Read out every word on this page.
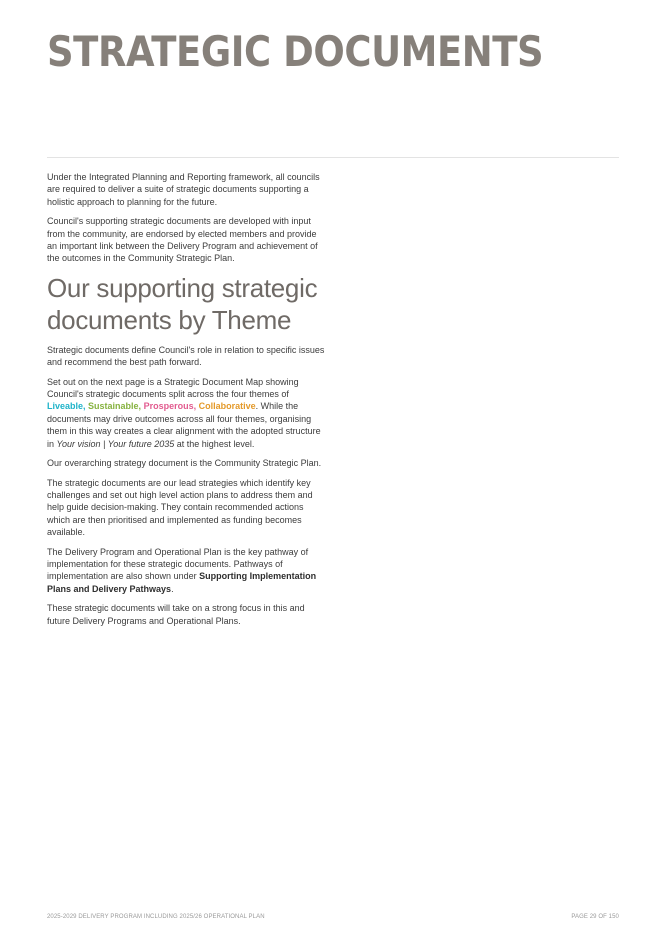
STRATEGIC DOCUMENTS

Under the Integrated Planning and Reporting framework, all councils are required to deliver a suite of strategic documents supporting a holistic approach to planning for the future.

Council's supporting strategic documents are developed with input from the community, are endorsed by elected members and provide an important link between the Delivery Program and achievement of the outcomes in the Community Strategic Plan.

Our supporting strategic documents by Theme

Strategic documents define Council's role in relation to specific issues and recommend the best path forward.

Set out on the next page is a Strategic Document Map showing Council's strategic documents split across the four themes of Liveable, Sustainable, Prosperous, Collaborative. While the documents may drive outcomes across all four themes, organising them in this way creates a clear alignment with the adopted structure in Your vision | Your future 2035 at the highest level.

Our overarching strategy document is the Community Strategic Plan.

The strategic documents are our lead strategies which identify key challenges and set out high level action plans to address them and help guide decision-making. They contain recommended actions which are then prioritised and implemented as funding becomes available.

The Delivery Program and Operational Plan is the key pathway of implementation for these strategic documents. Pathways of implementation are also shown under Supporting Implementation Plans and Delivery Pathways.

These strategic documents will take on a strong focus in this and future Delivery Programs and Operational Plans.

2025-2029 DELIVERY PROGRAM INCLUDING 2025/26 OPERATIONAL PLAN	PAGE 29 OF 150
